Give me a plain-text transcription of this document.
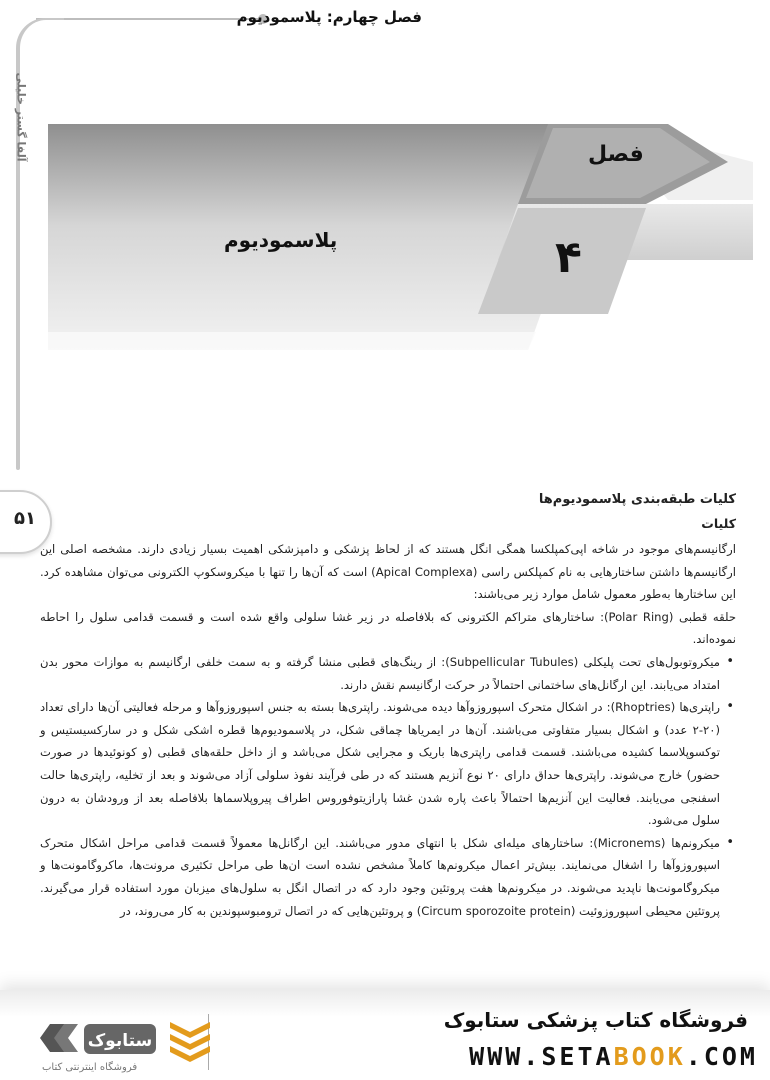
فصل چهارم: پلاسمودیوم
آلفا گستر خلیلی
۵۱
فصل
۴
پلاسمودیوم
کلیات طبقه‌بندی پلاسمودیوم‌ها
کلیات

ارگانیسم‌های موجود در شاخه اپی‌کمپلکسا همگی انگل هستند که از لحاظ پزشکی و دامپزشکی اهمیت بسیار زیادی دارند. مشخصه اصلی این ارگانیسم‌ها داشتن ساختارهایی به نام کمپلکس راسی (Apical Complexa) است که آن‌ها را تنها با میکروسکوپ الکترونی می‌توان مشاهده کرد. این ساختارها به‌طور معمول شامل موارد زیر می‌باشند:

حلقه قطبی (Polar Ring): ساختارهای متراکم الکترونی که بلافاصله در زیر غشا سلولی واقع شده است و قسمت قدامی سلول را احاطه نموده‌اند.

• میکروتوبول‌های تحت پلیکلی (Subpellicular Tubules): از رینگ‌های قطبی منشا گرفته و به سمت خلفی ارگانیسم به موازات محور بدن امتداد می‌یابند. این ارگانل‌های ساختمانی احتمالاً در حرکت ارگانیسم نقش دارند.
• راپتری‌ها (Rhoptries): در اشکال متحرک اسپوروزوآها دیده می‌شوند. راپتری‌ها بسته به جنس اسپوروزوآها و مرحله فعالیتی آن‌ها دارای تعداد (۲۰-۲ عدد) و اشکال بسیار متفاوتی می‌باشند. آن‌ها در ایمریاها چماقی شکل، در پلاسمودیوم‌ها قطره اشکی شکل و در سارکسیستیس و توکسوپلاسما کشیده می‌باشند. قسمت قدامی راپتری‌ها باریک و مجرایی شکل می‌باشد و از داخل حلقه‌های قطبی (و کونوئیدها در صورت حضور) خارج می‌شوند. راپتری‌ها حداق دارای ۲۰ نوع آنزیم هستند که در طی فرآیند نفوذ سلولی آزاد می‌شوند و بعد از تخلیه، راپتری‌ها حالت اسفنجی می‌یابند. فعالیت این آنزیم‌ها احتمالاً باعث پاره شدن غشا پارازیتوفوروس اطراف پیروپلاسماها بلافاصله بعد از ورودشان به درون سلول می‌شود.
• میکرونم‌ها (Micronems): ساختارهای میله‌ای شکل با انتهای مدور می‌باشند. این ارگانل‌ها معمولاً قسمت قدامی مراحل اشکال متحرک اسپوروزوآها را اشغال می‌نمایند. بیش‌تر اعمال میکرونم‌ها کاملاً مشخص نشده است ان‌ها طی مراحل تکثیری مرونت‌ها، ماکروگامونت‌ها و میکروگامونت‌ها ناپدید می‌شوند. در میکرونم‌ها هفت پروتئین وجود دارد که در اتصال انگل به سلول‌های میزبان مورد استفاده قرار می‌گیرند. پروتئین محیطی اسپوروزوئیت (Circum sporozoite protein) و پروتئین‌هایی که در اتصال ترومبوسپوندین به کار می‌روند، در
فروشگاه کتاب پزشکی ستابوک
WWW.SETABOOK.COM
ستابوک
فروشگاه اینترنتی کتاب
